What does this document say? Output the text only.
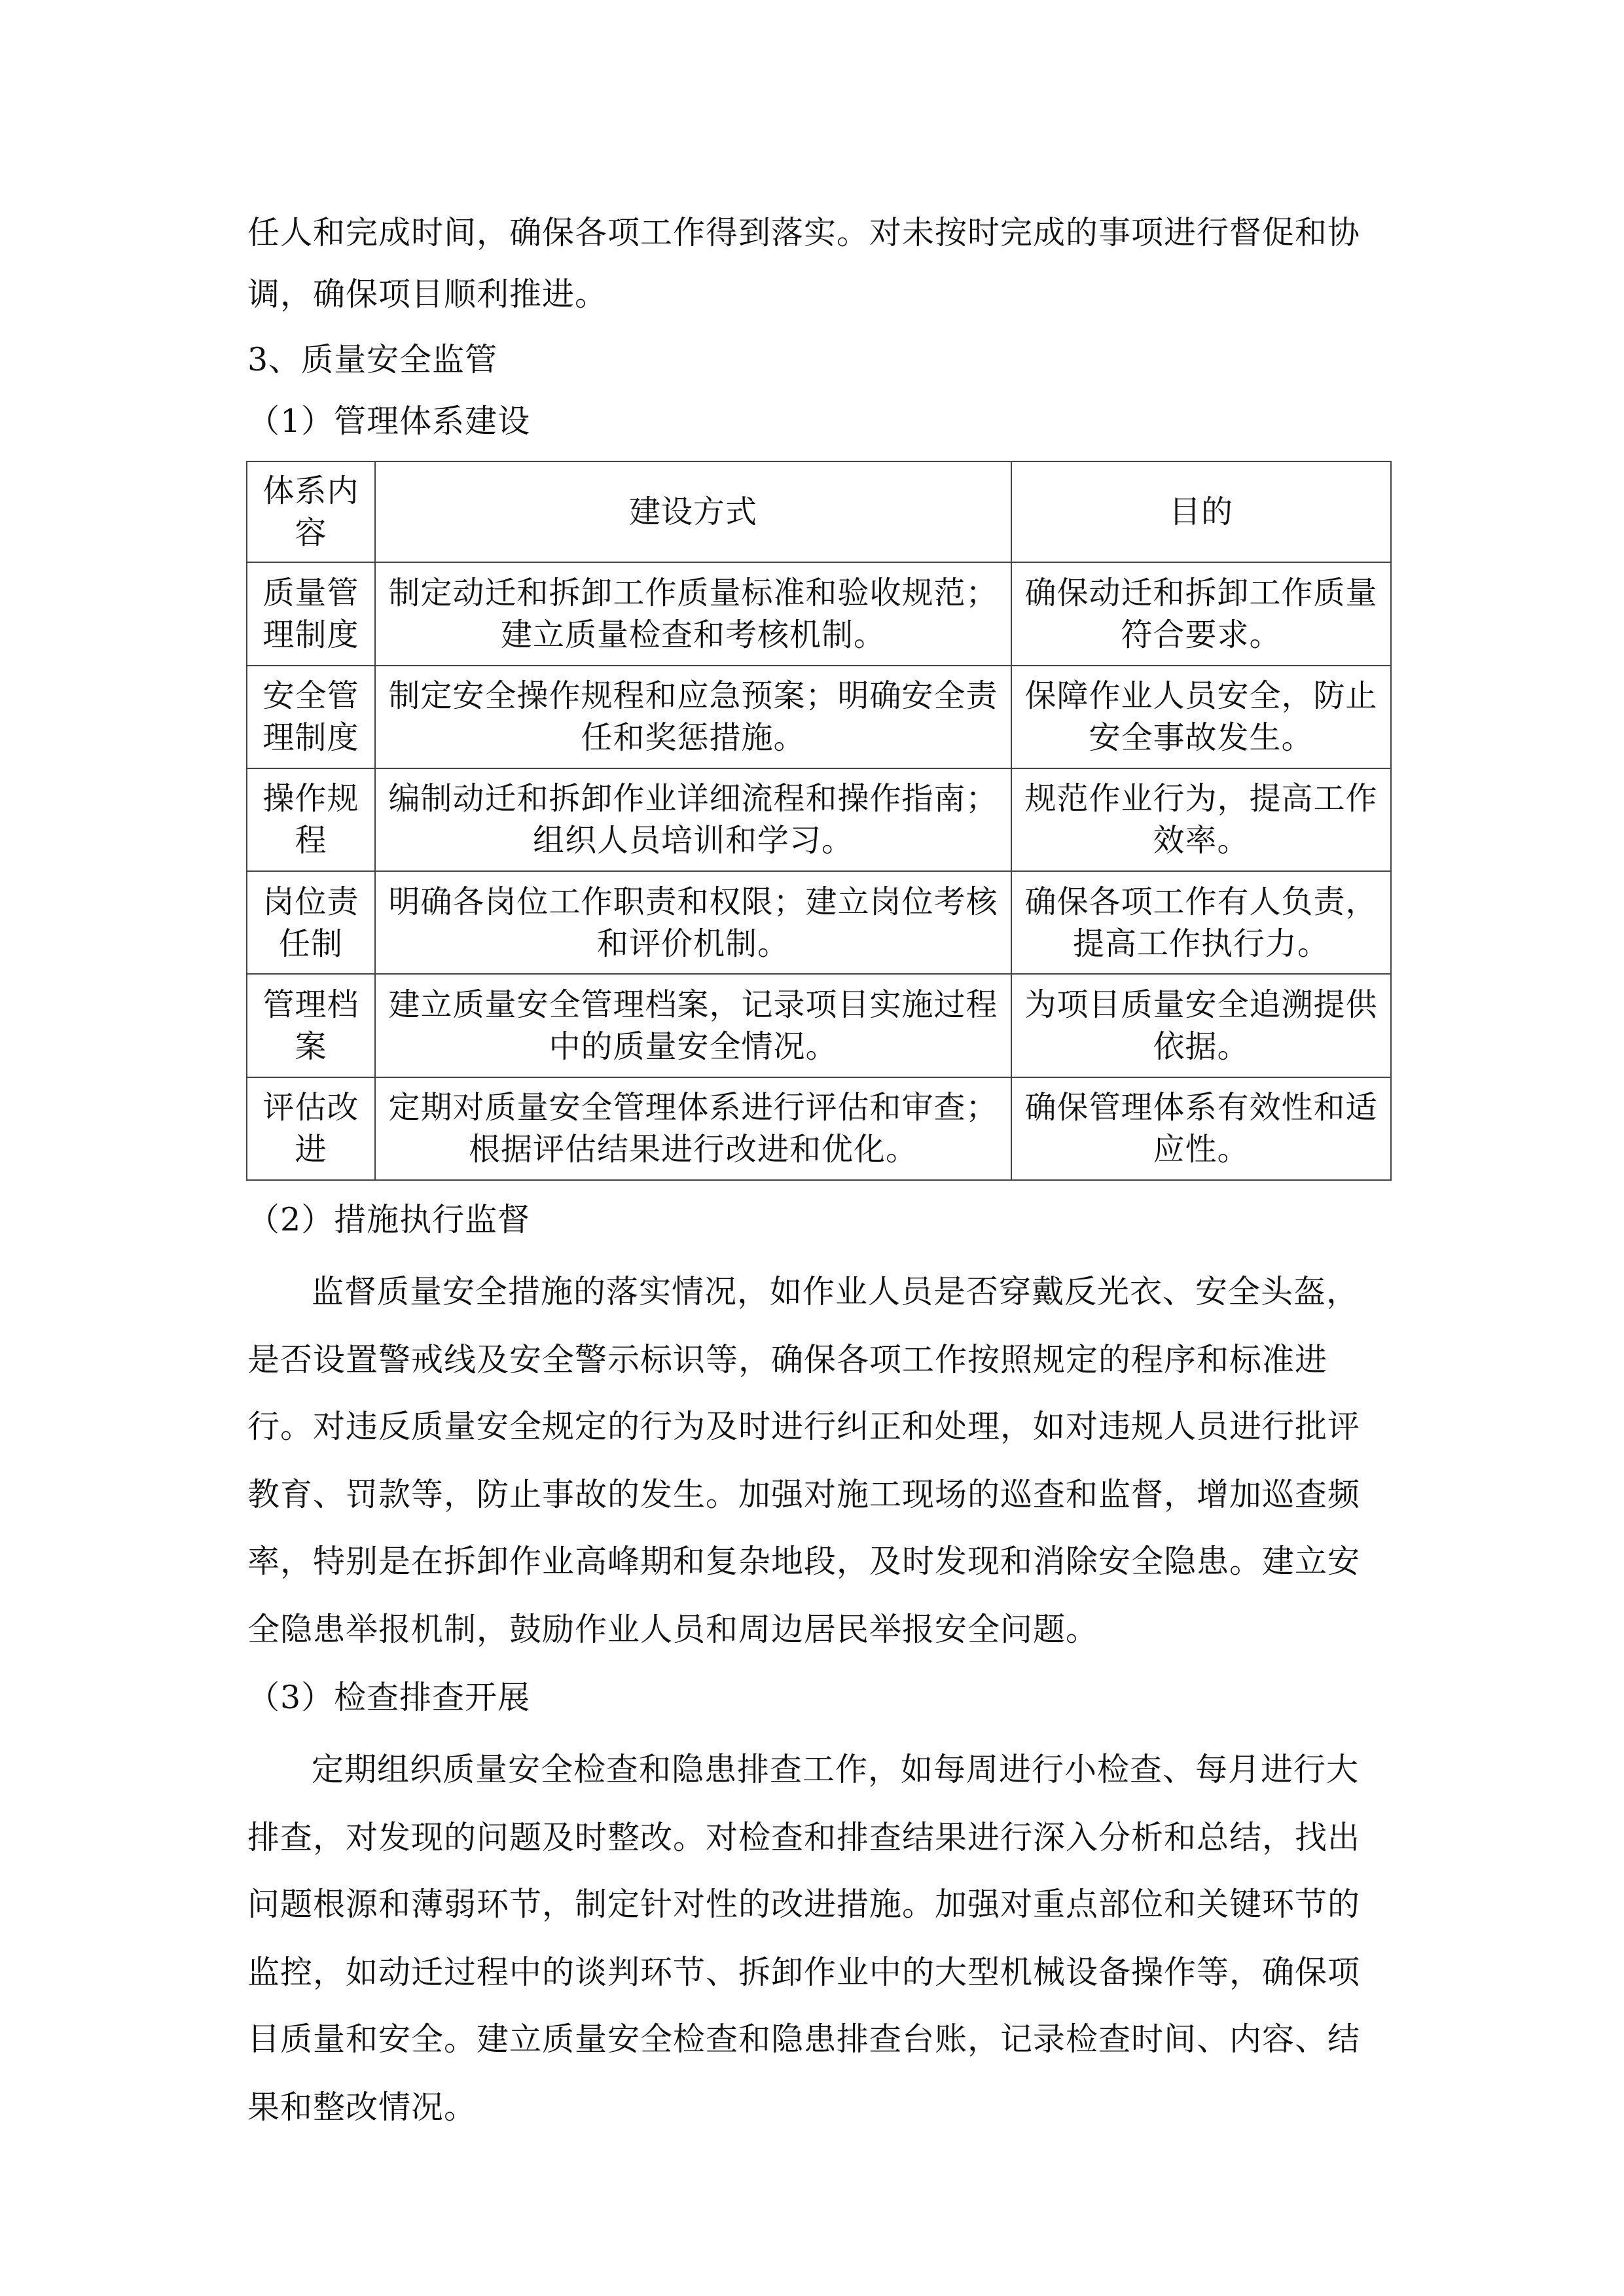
任人和完成时间，确保各项工作得到落实。对未按时完成的事项进行督促和协
调，确保项目顺利推进。
3、质量安全监管
（1）管理体系建设
体系内容	建设方式	目的
质量管理制度	制定动迁和拆卸工作质量标准和验收规范；建立质量检查和考核机制。	确保动迁和拆卸工作质量符合要求。
安全管理制度	制定安全操作规程和应急预案；明确安全责任和奖惩措施。	保障作业人员安全，防止安全事故发生。
操作规程	编制动迁和拆卸作业详细流程和操作指南；组织人员培训和学习。	规范作业行为，提高工作效率。
岗位责任制	明确各岗位工作职责和权限；建立岗位考核和评价机制。	确保各项工作有人负责，提高工作执行力。
管理档案	建立质量安全管理档案，记录项目实施过程中的质量安全情况。	为项目质量安全追溯提供依据。
评估改进	定期对质量安全管理体系进行评估和审查；根据评估结果进行改进和优化。	确保管理体系有效性和适应性。
（2）措施执行监督
监督质量安全措施的落实情况，如作业人员是否穿戴反光衣、安全头盔，
是否设置警戒线及安全警示标识等，确保各项工作按照规定的程序和标准进
行。对违反质量安全规定的行为及时进行纠正和处理，如对违规人员进行批评
教育、罚款等，防止事故的发生。加强对施工现场的巡查和监督，增加巡查频
率，特别是在拆卸作业高峰期和复杂地段，及时发现和消除安全隐患。建立安
全隐患举报机制，鼓励作业人员和周边居民举报安全问题。
（3）检查排查开展
定期组织质量安全检查和隐患排查工作，如每周进行小检查、每月进行大
排查，对发现的问题及时整改。对检查和排查结果进行深入分析和总结，找出
问题根源和薄弱环节，制定针对性的改进措施。加强对重点部位和关键环节的
监控，如动迁过程中的谈判环节、拆卸作业中的大型机械设备操作等，确保项
目质量和安全。建立质量安全检查和隐患排查台账，记录检查时间、内容、结
果和整改情况。
